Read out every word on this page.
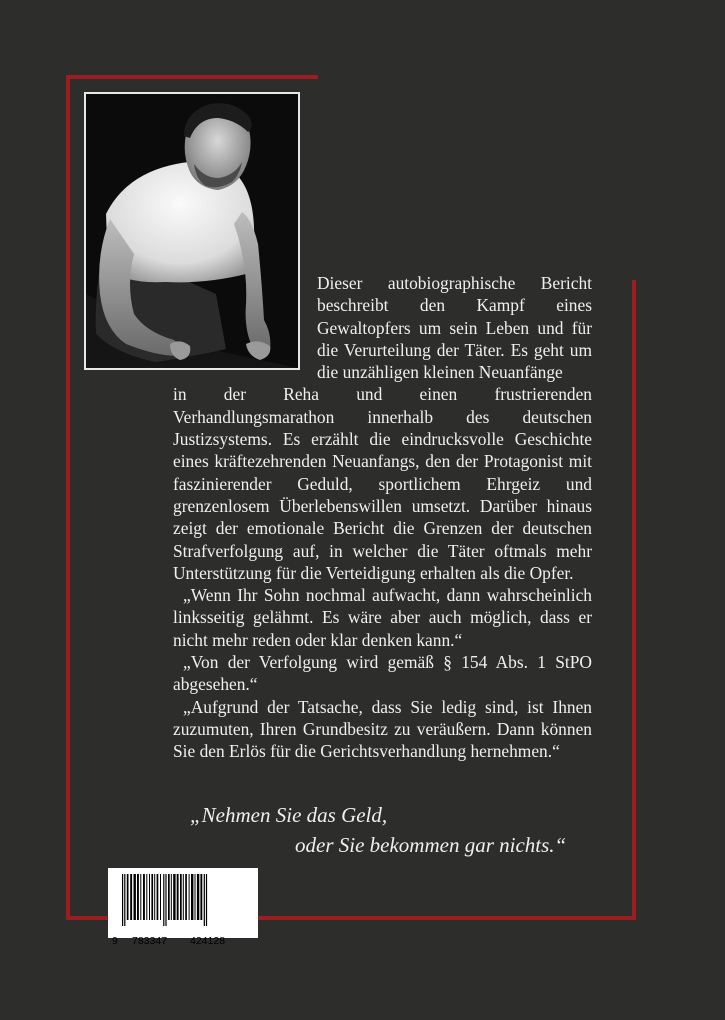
Dieser autobiographische Bericht beschreibt den Kampf eines Gewaltopfers um sein Leben und für die Verurteilung der Täter. Es geht um die unzähligen kleinen Neuanfänge

in der Reha und einen frustrierenden Verhandlungsmarathon innerhalb des deutschen Justizsystems. Es erzählt die eindrucksvolle Geschichte eines kräftezehrenden Neuanfangs, den der Protagonist mit faszinierender Geduld, sportlichem Ehrgeiz und grenzenlosem Überlebenswillen umsetzt. Darüber hinaus zeigt der emotionale Bericht die Grenzen der deutschen Strafverfolgung auf, in welcher die Täter oftmals mehr Unterstützung für die Verteidigung erhalten als die Opfer.

„Wenn Ihr Sohn nochmal aufwacht, dann wahrscheinlich linksseitig gelähmt. Es wäre aber auch möglich, dass er nicht mehr reden oder klar denken kann.“

„Von der Verfolgung wird gemäß § 154 Abs. 1 StPO abgesehen.“

„Aufgrund der Tatsache, dass Sie ledig sind, ist Ihnen zuzumuten, Ihren Grundbesitz zu veräußern. Dann können Sie den Erlös für die Gerichtsverhandlung hernehmen.“

„Nehmen Sie das Geld,
oder Sie bekommen gar nichts.“
9 783347 424128
